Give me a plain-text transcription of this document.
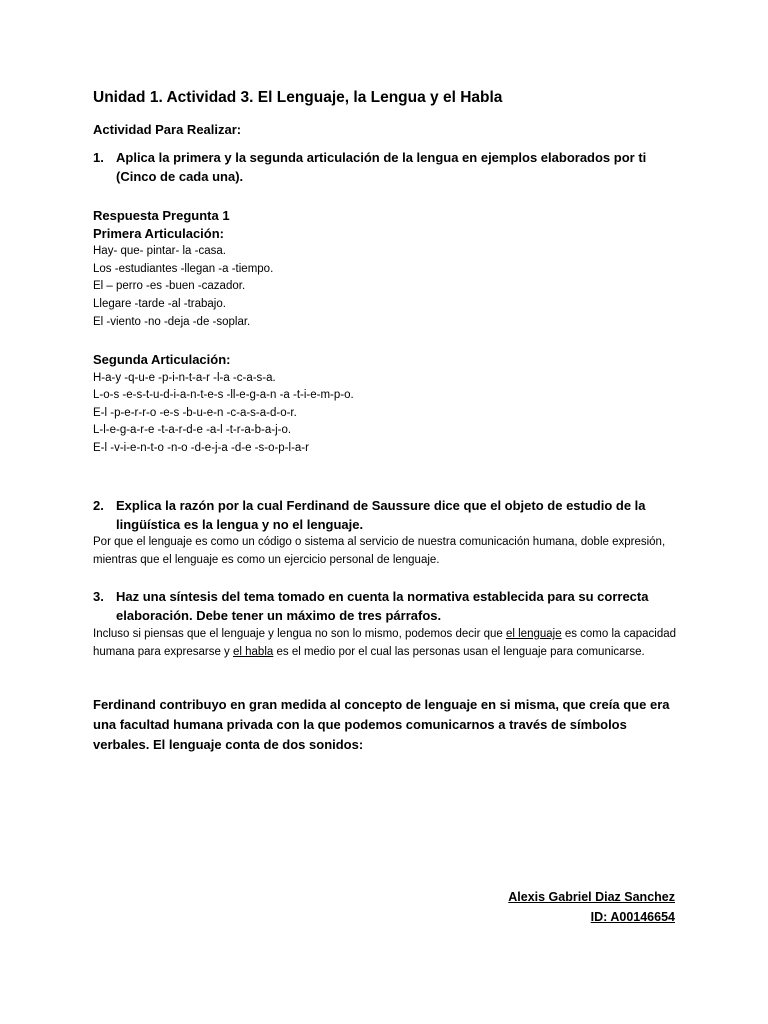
Unidad 1. Actividad 3. El Lenguaje, la Lengua y el Habla
Actividad Para Realizar:
1. Aplica la primera y la segunda articulación de la lengua en ejemplos elaborados por ti (Cinco de cada una).
Respuesta Pregunta 1
Primera Articulación:
Hay- que- pintar- la -casa.
Los -estudiantes -llegan -a -tiempo.
El – perro -es -buen -cazador.
Llegare -tarde -al -trabajo.
El -viento -no -deja -de -soplar.
Segunda Articulación:
H-a-y -q-u-e -p-i-n-t-a-r -l-a -c-a-s-a.
L-o-s -e-s-t-u-d-i-a-n-t-e-s -ll-e-g-a-n -a -t-i-e-m-p-o.
E-l -p-e-r-r-o -e-s -b-u-e-n -c-a-s-a-d-o-r.
L-l-e-g-a-r-e -t-a-r-d-e -a-l -t-r-a-b-a-j-o.
E-l -v-i-e-n-t-o -n-o -d-e-j-a -d-e -s-o-p-l-a-r
2. Explica la razón por la cual Ferdinand de Saussure dice que el objeto de estudio de la lingüística es la lengua y no el lenguaje.
Por que el lenguaje es como un código o sistema al servicio de nuestra comunicación humana, doble expresión, mientras que el lenguaje es como un ejercicio personal de lenguaje.
3. Haz una síntesis del tema tomado en cuenta la normativa establecida para su correcta elaboración. Debe tener un máximo de tres párrafos.
Incluso si piensas que el lenguaje y lengua no son lo mismo, podemos decir que el lenguaje es como la capacidad humana para expresarse y el habla es el medio por el cual las personas usan el lenguaje para comunicarse.
Ferdinand contribuyo en gran medida al concepto de lenguaje en si misma, que creía que era una facultad humana privada con la que podemos comunicarnos a través de símbolos verbales. El lenguaje conta de dos sonidos:
Alexis Gabriel Diaz Sanchez
ID: A00146654
